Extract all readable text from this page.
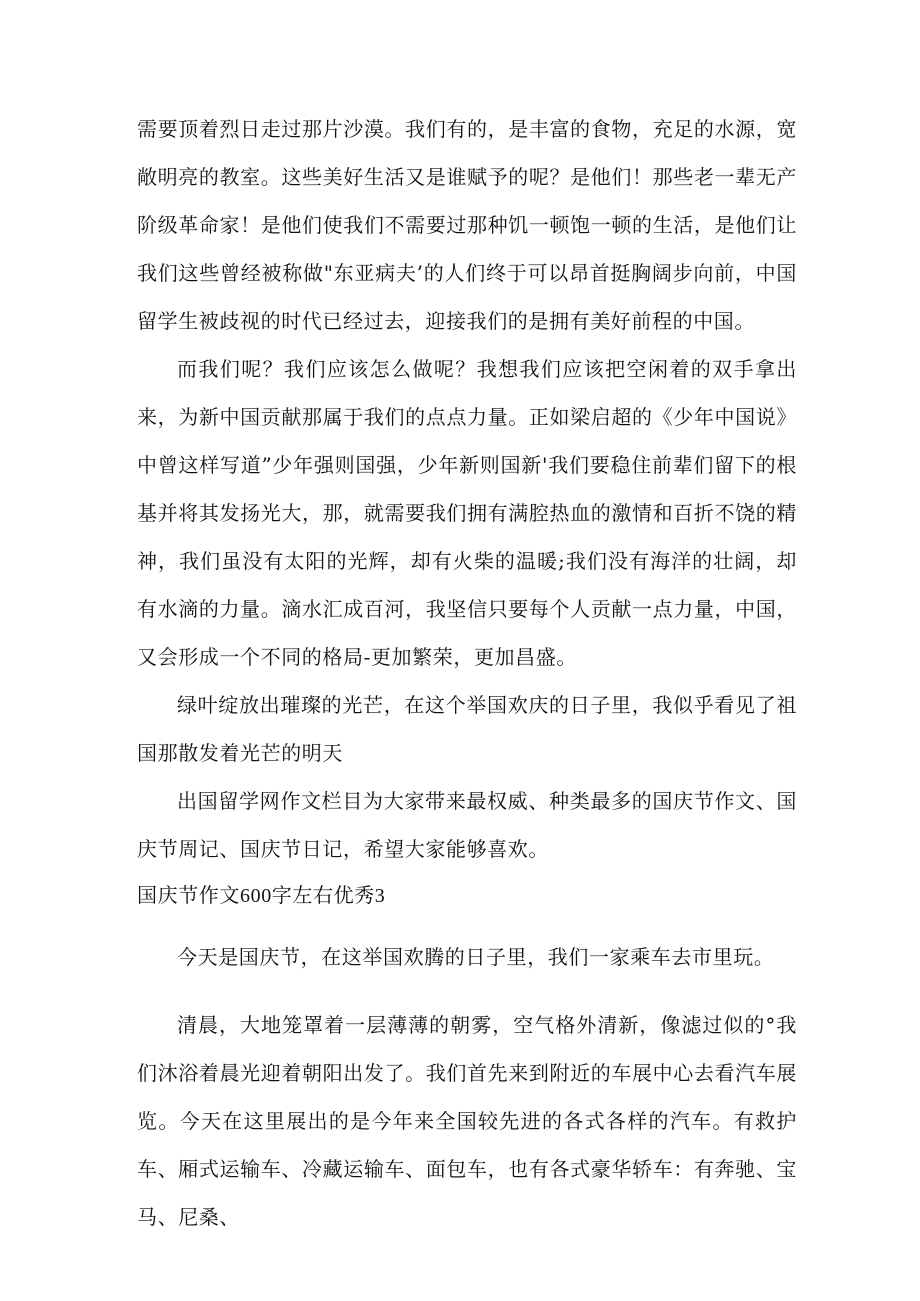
需要顶着烈日走过那片沙漠。我们有的，是丰富的食物，充足的水源，宽敞明亮的教室。这些美好生活又是谁赋予的呢？是他们！那些老一辈无产阶级革命家！是他们使我们不需要过那种饥一顿饱一顿的生活，是他们让我们这些曾经被称做"东亚病夫’的人们终于可以昂首挺胸阔步向前，中国留学生被歧视的时代已经过去，迎接我们的是拥有美好前程的中国。

而我们呢？我们应该怎么做呢？我想我们应该把空闲着的双手拿出来，为新中国贡献那属于我们的点点力量。正如梁启超的《少年中国说》中曾这样写道”少年强则国强，少年新则国新'我们要稳住前辈们留下的根基并将其发扬光大，那，就需要我们拥有满腔热血的激情和百折不饶的精神，我们虽没有太阳的光辉，却有火柴的温暖;我们没有海洋的壮阔，却有水滴的力量。滴水汇成百河，我坚信只要每个人贡献一点力量，中国，又会形成一个不同的格局-更加繁荣，更加昌盛。

绿叶绽放出璀璨的光芒，在这个举国欢庆的日子里，我似乎看见了祖国那散发着光芒的明天

出国留学网作文栏目为大家带来最权威、种类最多的国庆节作文、国庆节周记、国庆节日记，希望大家能够喜欢。

国庆节作文600字左右优秀3

今天是国庆节，在这举国欢腾的日子里，我们一家乘车去市里玩。

清晨，大地笼罩着一层薄薄的朝雾，空气格外清新，像滤过似的°我们沐浴着晨光迎着朝阳出发了。我们首先来到附近的车展中心去看汽车展览。今天在这里展出的是今年来全国较先进的各式各样的汽车。有救护车、厢式运输车、冷藏运输车、面包车，也有各式豪华轿车：有奔驰、宝马、尼桑、
